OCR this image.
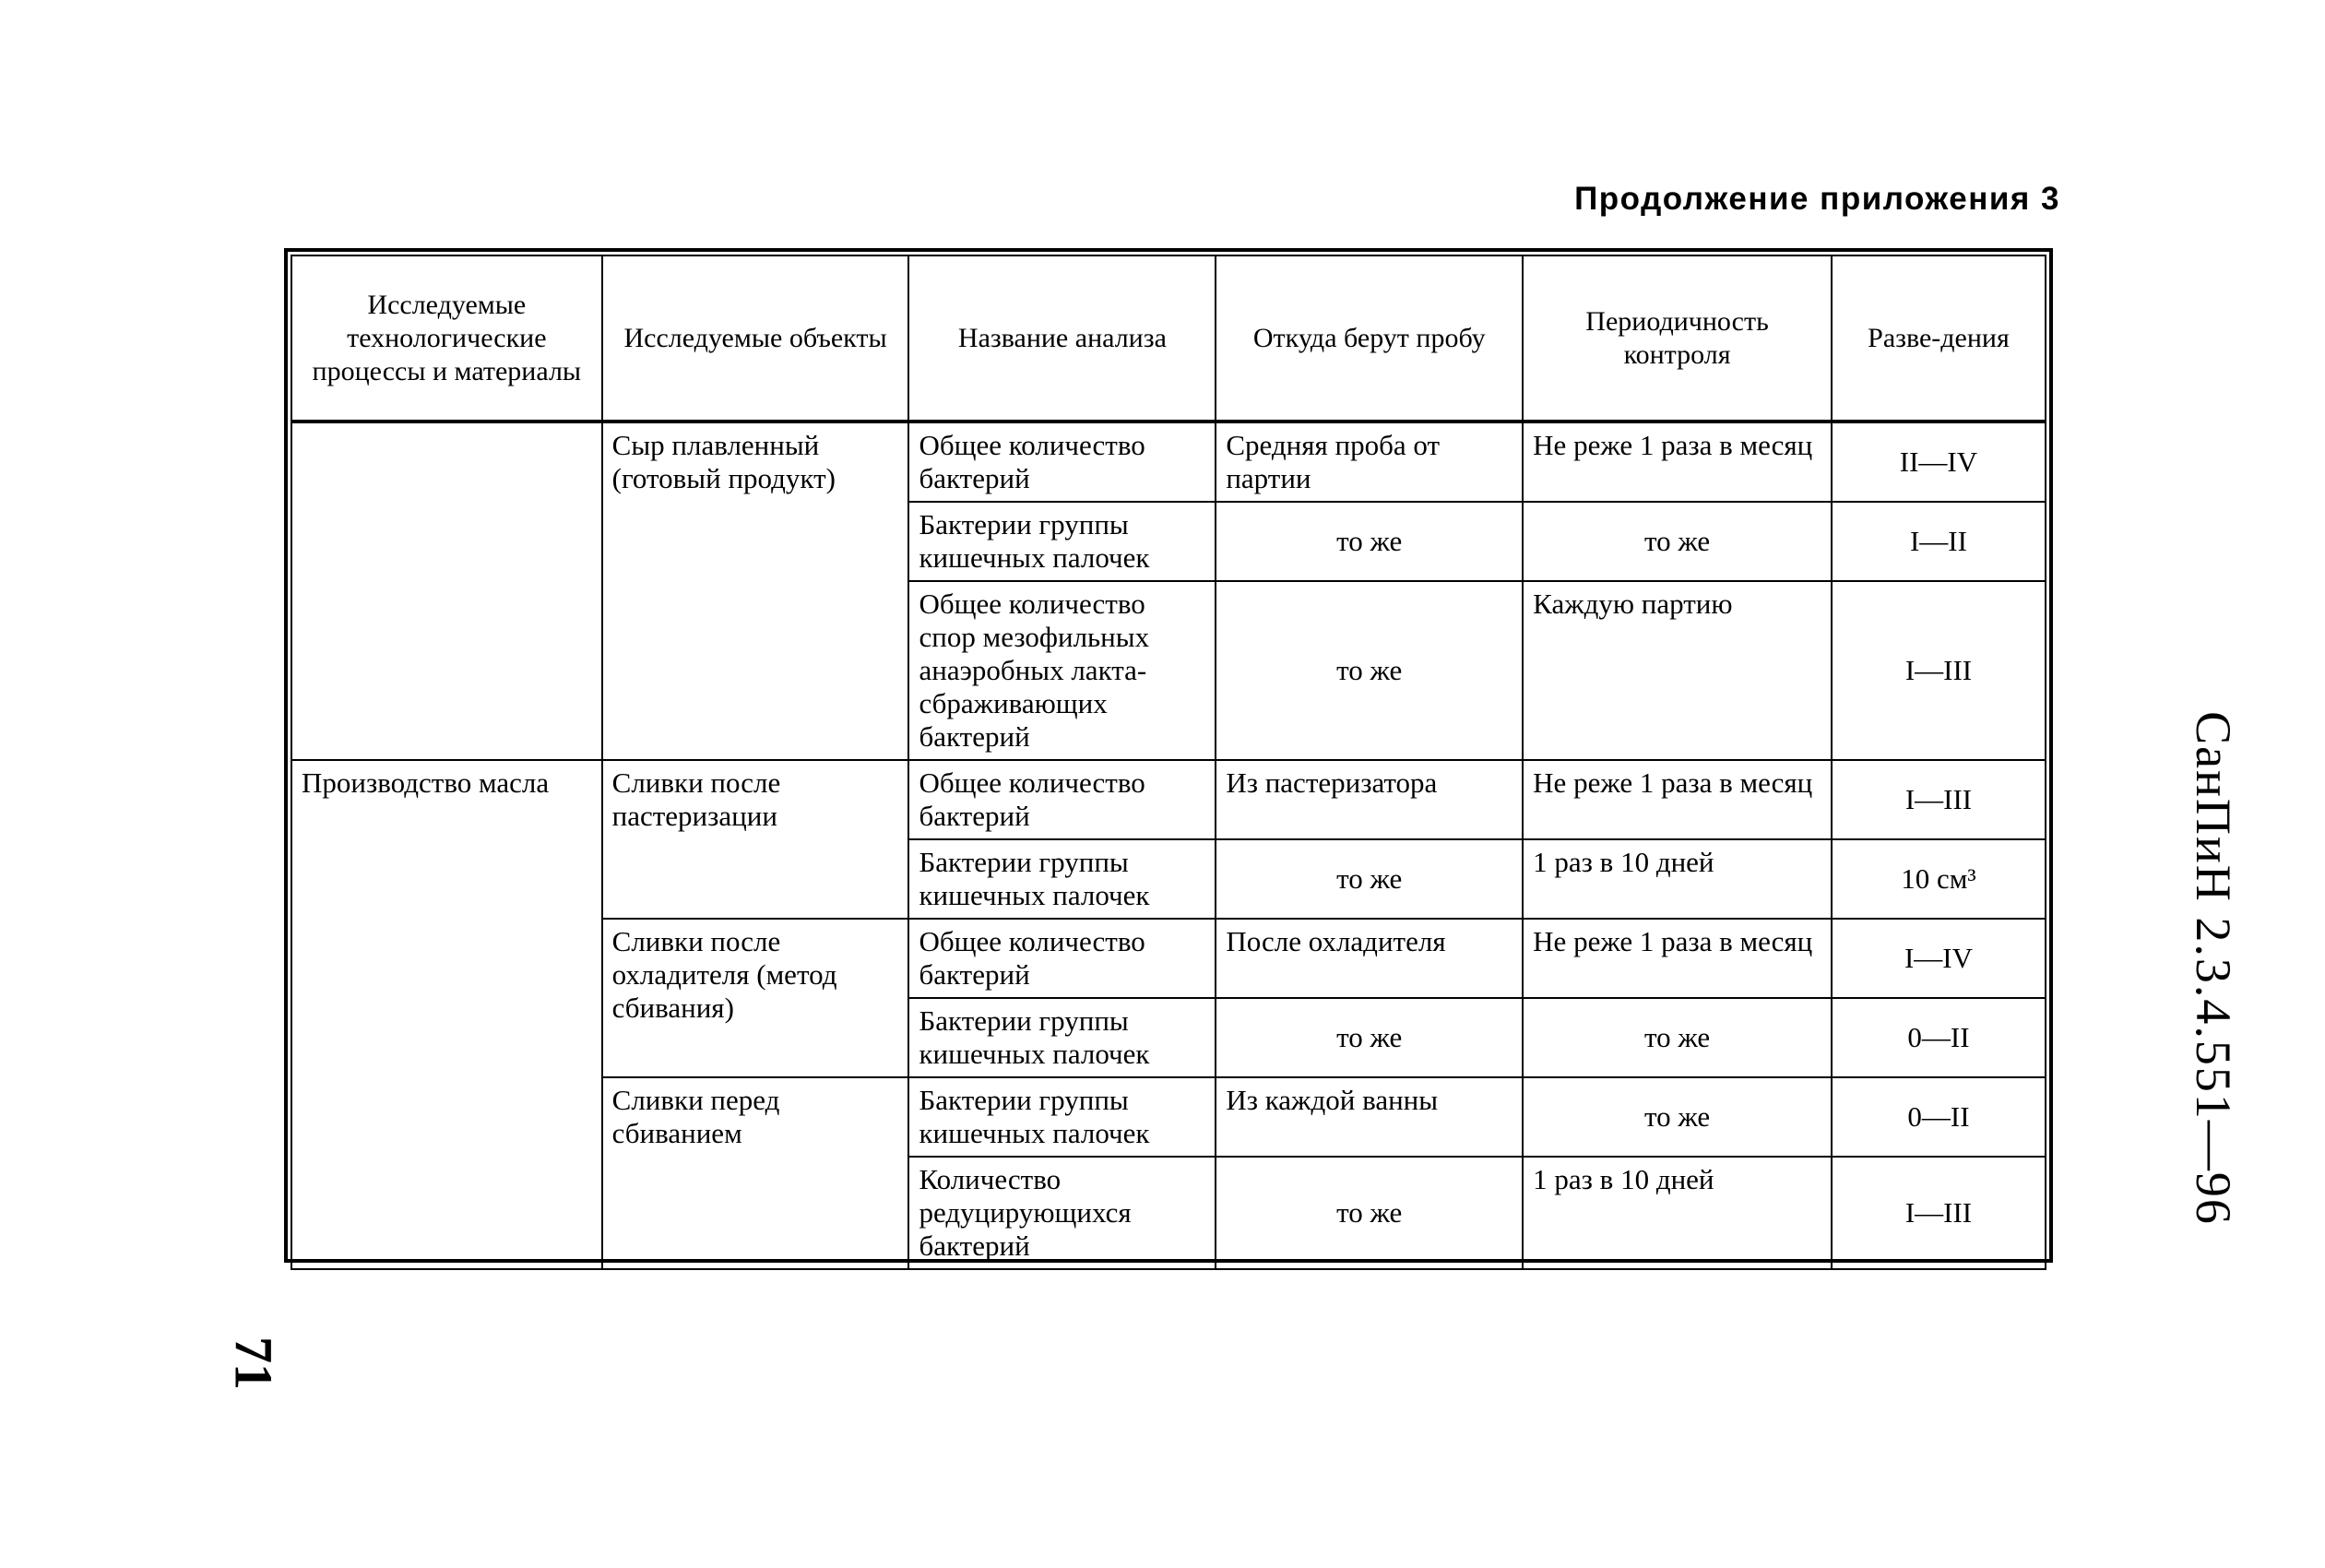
Продолжение приложения 3
Исследуемые технологические процессы и материалы	Исследуемые объекты	Название анализа	Откуда берут пробу	Периодичность контроля	Разве-дения
	Сыр плавленный (готовый продукт)	Общее количество бактерий	Средняя проба от партии	Не реже 1 раза в месяц	II—IV
		Бактерии группы кишечных палочек	то же	то же	I—II
		Общее количество спор мезофильных анаэробных лакта-сбраживающих бактерий	то же	Каждую партию	I—III
Производство масла	Сливки после пастеризации	Общее количество бактерий	Из пастеризатора	Не реже 1 раза в месяц	I—III
		Бактерии группы кишечных палочек	то же	1 раз в 10 дней	10 см³
	Сливки после охладителя (метод сбивания)	Общее количество бактерий	После охладителя	Не реже 1 раза в месяц	I—IV
		Бактерии группы кишечных палочек	то же	то же	0—II
	Сливки перед сбиванием	Бактерии группы кишечных палочек	Из каждой ванны	то же	0—II
		Количество редуцирующихся бактерий	то же	1 раз в 10 дней	I—III	СанПиН 2.3.4.551—96
71
